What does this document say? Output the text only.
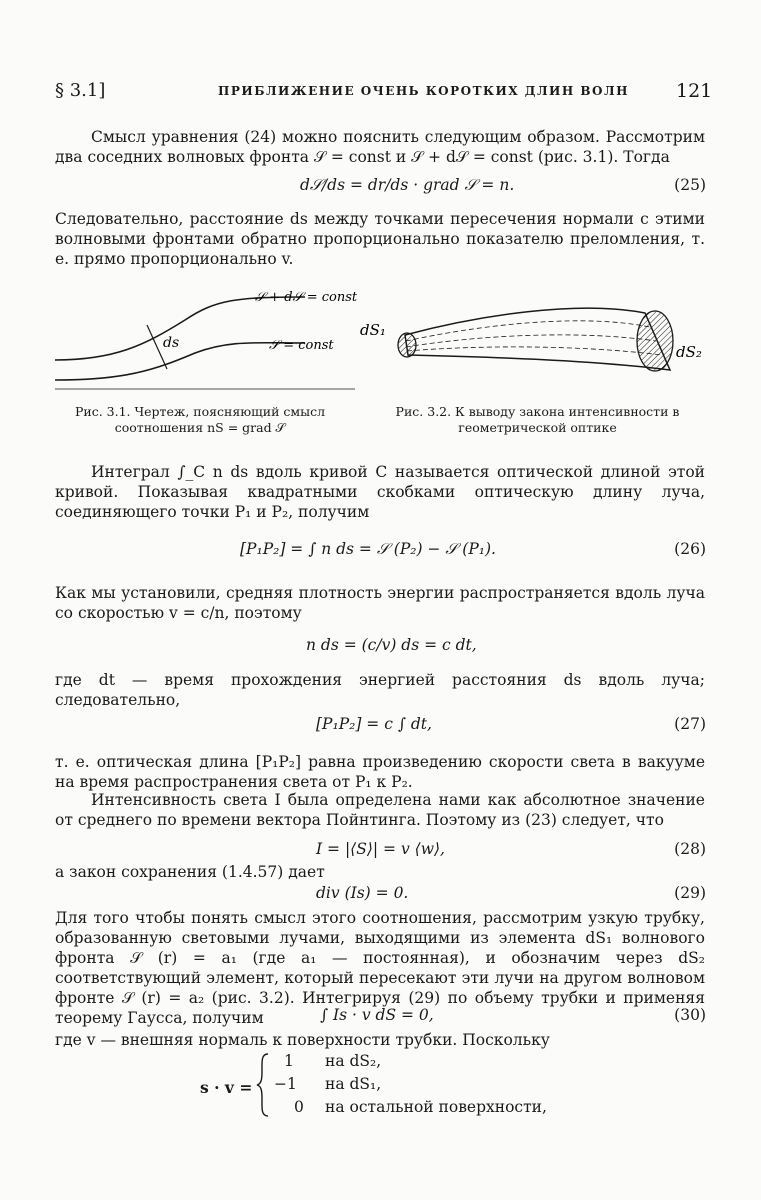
§ 3.1]	ПРИБЛИЖЕНИЕ ОЧЕНЬ КОРОТКИХ ДЛИН ВОЛН 121
Смысл уравнения (24) можно пояснить следующим образом. Рассмотрим два соседних волновых фронта 𝒮 = const и 𝒮 + d𝒮 = const (рис. 3.1). Тогда
d𝒮/ds = dr/ds · grad 𝒮 = n.	(25)
Следовательно, расстояние ds между точками пересечения нормали с этими волновыми фронтами обратно пропорционально показателю преломления, т. е. прямо пропорционально v.
ds
𝒮 + d𝒮 = const
𝒮 = const
Рис. 3.1. Чертеж, поясняющий смысл соотношения nS = grad 𝒮
dS₁
dS₂
Рис. 3.2. К выводу закона интенсивности в геометрической оптике
Интеграл ∫_C n ds вдоль кривой C называется оптической длиной этой кривой. Показывая квадратными скобками оптическую длину луча, соединяющего точки P₁ и P₂, получим
[P₁P₂] = ∫ n ds = 𝒮 (P₂) − 𝒮 (P₁).	(26)
Как мы установили, средняя плотность энергии распространяется вдоль луча со скоростью v = c/n, поэтому
n ds = (c/v) ds = c dt,
где dt — время прохождения энергией расстояния ds вдоль луча; следовательно,
[P₁P₂] = c ∫ dt,	(27)
т. е. оптическая длина [P₁P₂] равна произведению скорости света в вакууме на время распространения света от P₁ к P₂.
Интенсивность света I была определена нами как абсолютное значение от среднего по времени вектора Пойнтинга. Поэтому из (23) следует, что
I = |⟨S⟩| = v ⟨w⟩,	(28)
а закон сохранения (1.4.57) дает
div (Is) = 0.	(29)
Для того чтобы понять смысл этого соотношения, рассмотрим узкую трубку, образованную световыми лучами, выходящими из элемента dS₁ волнового фронта 𝒮 (r) = a₁ (где a₁ — постоянная), и обозначим через dS₂ соответствующий элемент, который пересекают эти лучи на другом волновом фронте 𝒮 (r) = a₂ (рис. 3.2). Интегрируя (29) по объему трубки и применяя теорему Гаусса, получим	∫ Is · v dS = 0,	(30)
где v — внешняя нормаль к поверхности трубки. Поскольку
s · v =
1 на dS₂,
−1 на dS₁,
0 на остальной поверхности,
